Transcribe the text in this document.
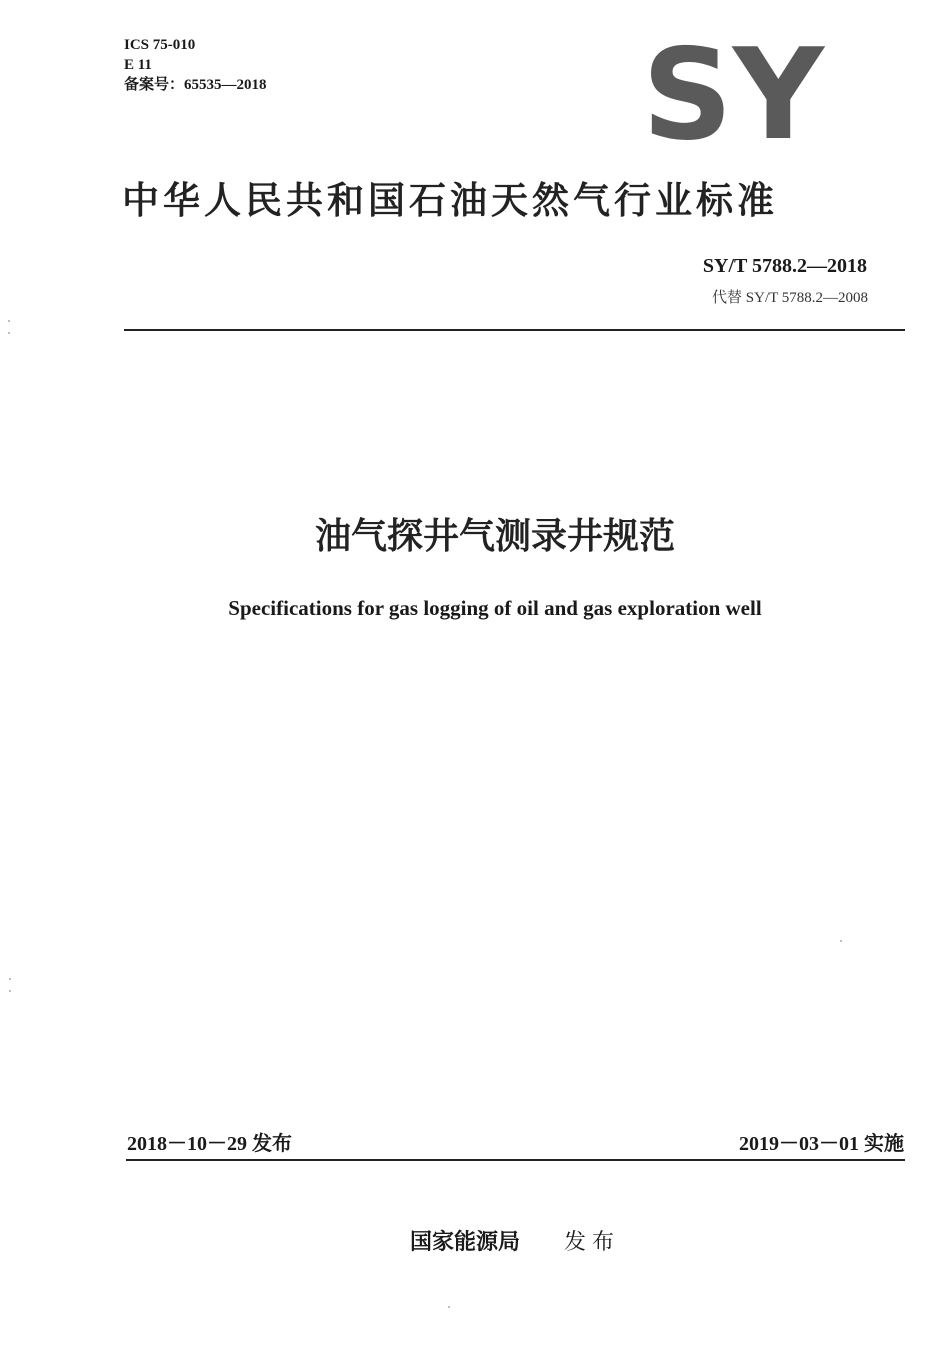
ICS 75-010
E 11
备案号：65535—2018	SY
中华人民共和国石油天然气行业标准
SY/T 5788.2—2018
代替 SY/T 5788.2—2008
油气探井气测录井规范
Specifications for gas logging of oil and gas exploration well
2018－10－29 发布	2019－03－01 实施
国家能源局 发布
